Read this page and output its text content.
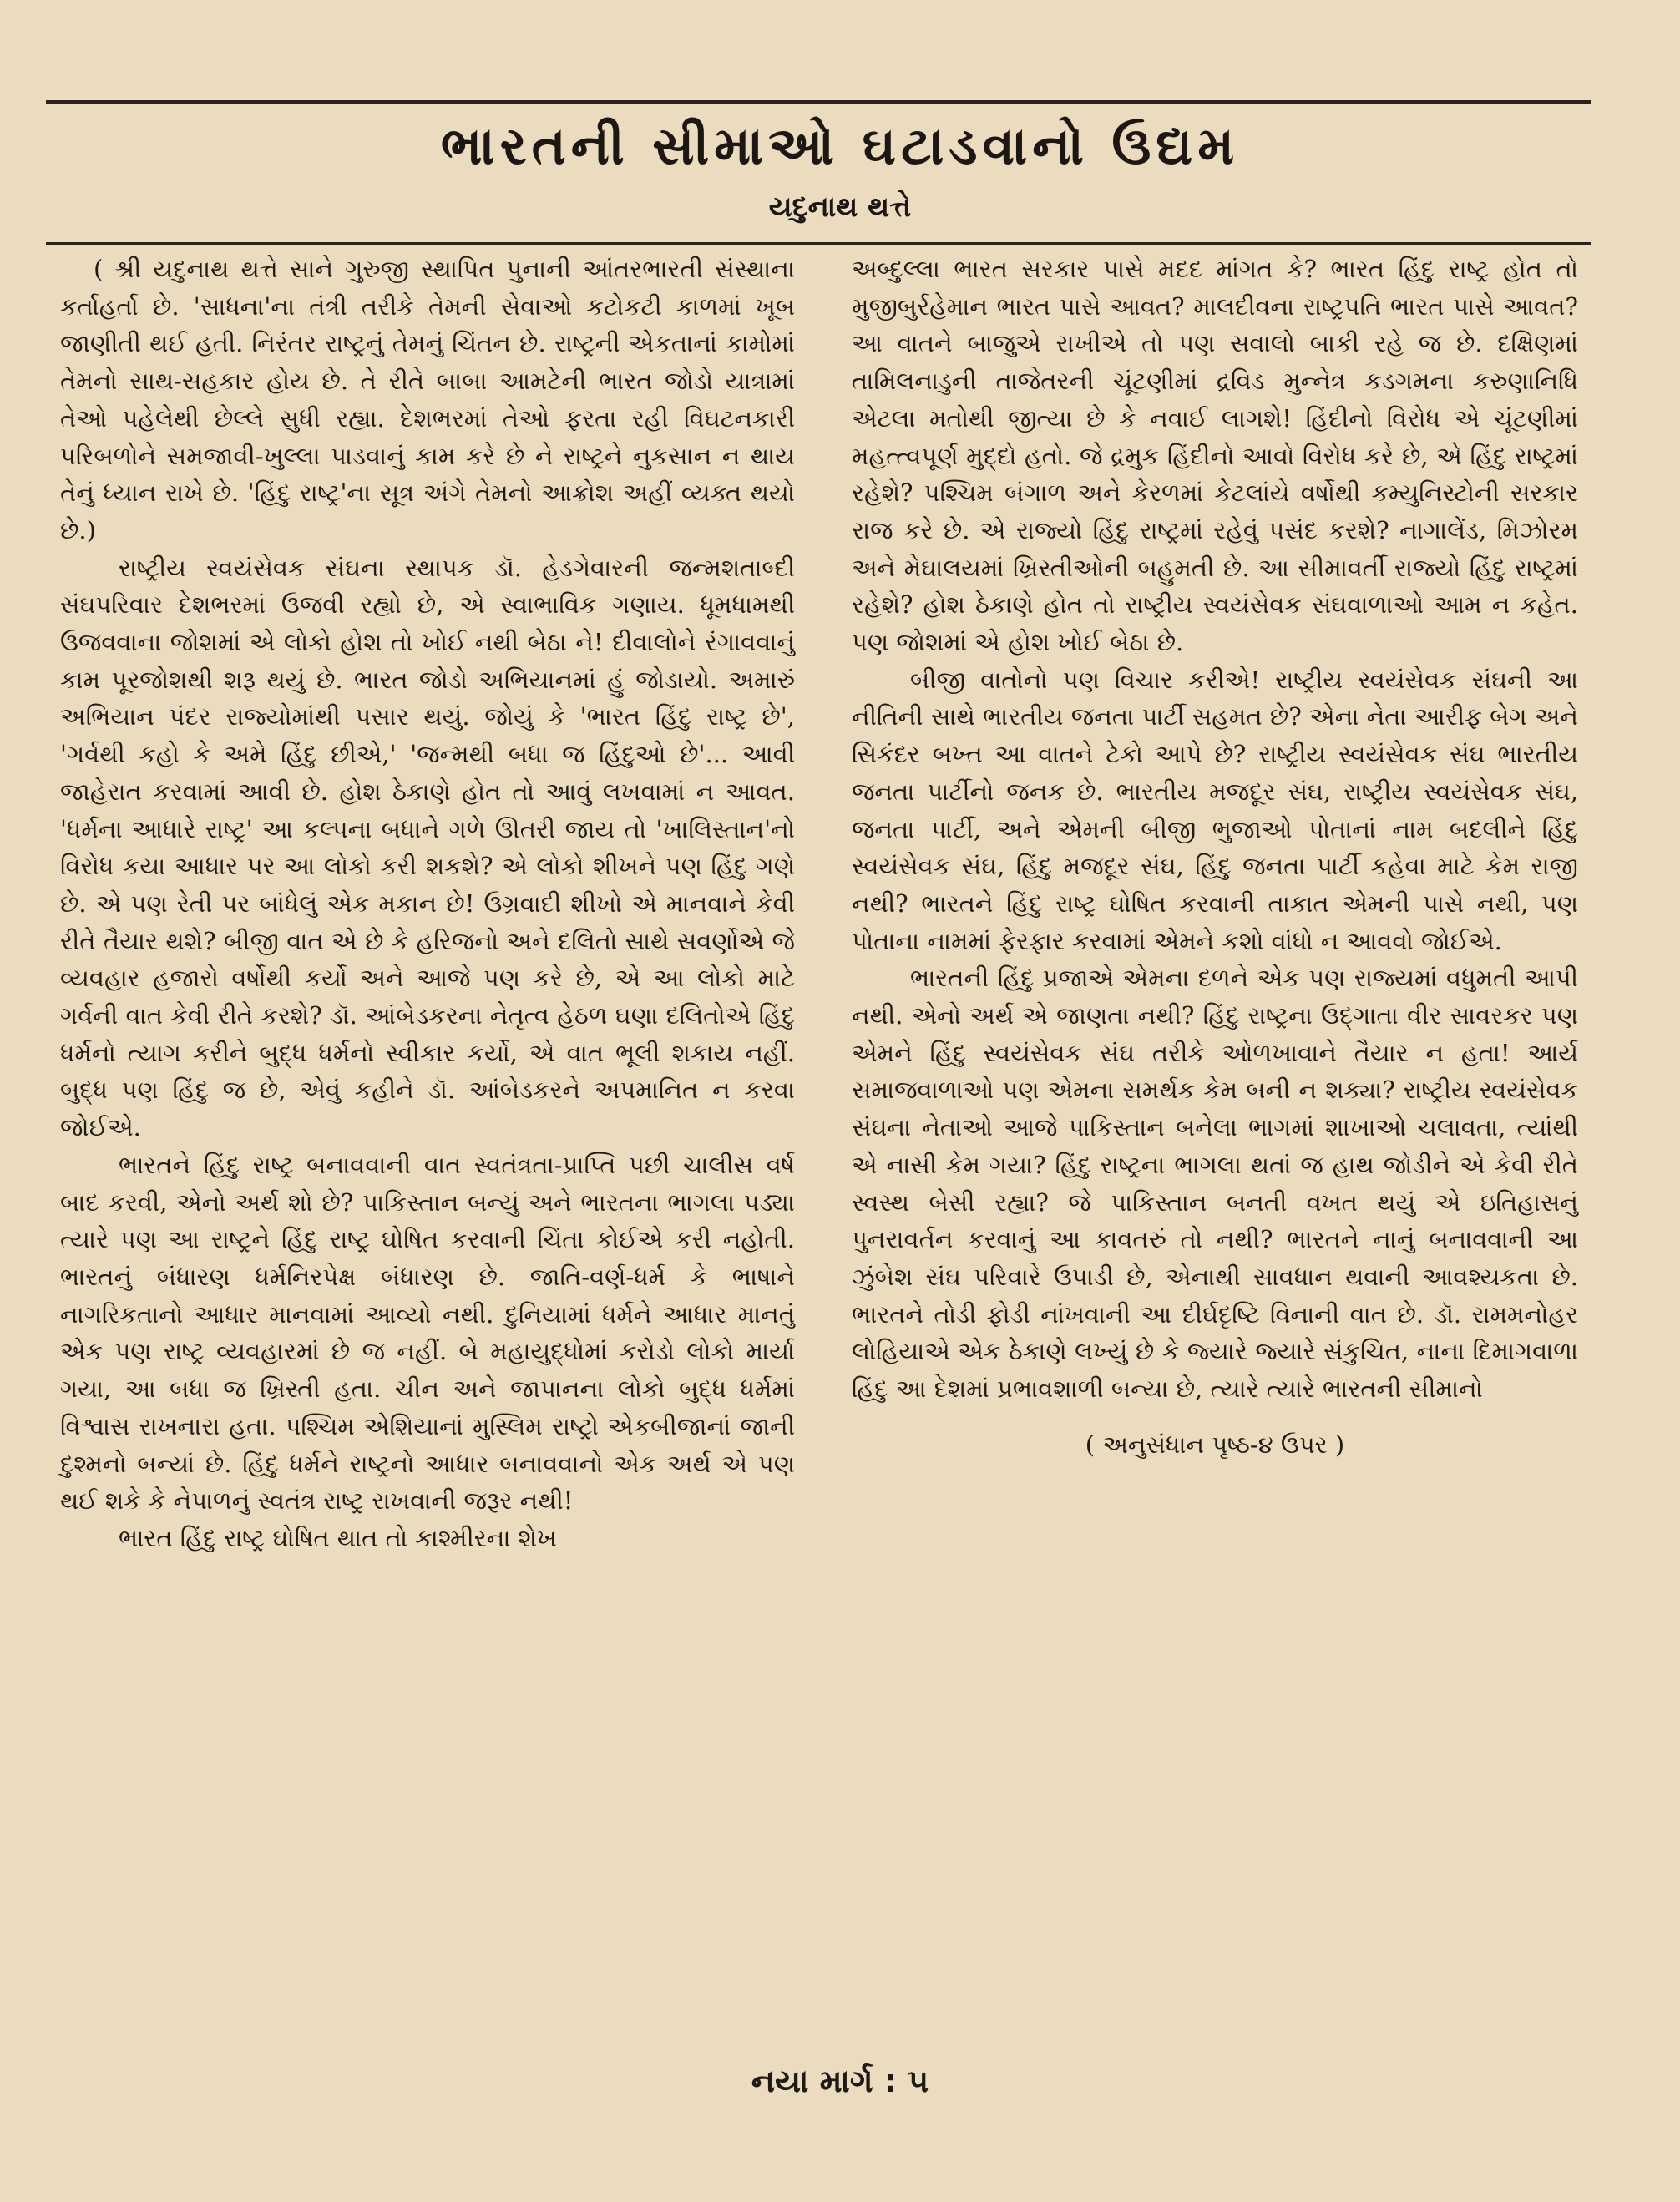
ભારતની સીમાઓ ઘટાડવાનો ઉદ્યમ
યદુનાથ થત્તે

( શ્રી યદુનાથ થત્તે સાને ગુરુજી સ્થાપિત પુનાની આંતરભારતી સંસ્થાના કર્તાહર્તા છે. 'સાધના'ના તંત્રી તરીકે તેમની સેવાઓ કટોકટી કાળમાં ખૂબ જાણીતી થઈ હતી. નિરંતર રાષ્ટ્રનું તેમનું ચિંતન છે. રાષ્ટ્રની એકતાનાં કામોમાં તેમનો સાથ-સહકાર હોય છે. તે રીતે બાબા આમટેની ભારત જોડો યાત્રામાં તેઓ પહેલેથી છેલ્લે સુધી રહ્યા. દેશભરમાં તેઓ ફરતા રહી વિઘટનકારી પરિબળોને સમજાવી-ખુલ્લા પાડવાનું કામ કરે છે ને રાષ્ટ્રને નુકસાન ન થાય તેનું ધ્યાન રાખે છે. 'હિંદુ રાષ્ટ્ર'ના સૂત્ર અંગે તેમનો આક્રોશ અહીં વ્યક્ત થયો છે.)

રાષ્ટ્રીય સ્વયંસેવક સંઘના સ્થાપક ડૉ. હેડગેવારની જન્મશતાબ્દી સંઘપરિવાર દેશભરમાં ઉજવી રહ્યો છે, એ સ્વાભાવિક ગણાય. ધૂમધામથી ઉજવવાના જોશમાં એ લોકો હોશ તો ખોઈ નથી બેઠા ને! દીવાલોને રંગાવવાનું કામ પૂરજોશથી શરૂ થયું છે. ભારત જોડો અભિયાનમાં હું જોડાયો. અમારું અભિયાન પંદર રાજ્યોમાંથી પસાર થયું. જોયું કે 'ભારત હિંદુ રાષ્ટ્ર છે', 'ગર્વથી કહો કે અમે હિંદુ છીએ,' 'જન્મથી બધા જ હિંદુઓ છે'... આવી જાહેરાત કરવામાં આવી છે. હોશ ઠેકાણે હોત તો આવું લખવામાં ન આવત. 'ધર્મના આધારે રાષ્ટ્ર' આ કલ્પના બધાને ગળે ઊતરી જાય તો 'ખાલિસ્તાન'નો વિરોધ કયા આધાર પર આ લોકો કરી શકશે? એ લોકો શીખને પણ હિંદુ ગણે છે. એ પણ રેતી પર બાંધેલું એક મકાન છે! ઉગ્રવાદી શીખો એ માનવાને કેવી રીતે તૈયાર થશે? બીજી વાત એ છે કે હરિજનો અને દલિતો સાથે સવર્ણોએ જે વ્યવહાર હજારો વર્ષોથી કર્યો અને આજે પણ કરે છે, એ આ લોકો માટે ગર્વની વાત કેવી રીતે કરશે? ડૉ. આંબેડકરના નેતૃત્વ હેઠળ ઘણા દલિતોએ હિંદુ ધર્મનો ત્યાગ કરીને બુદ્ધ ધર્મનો સ્વીકાર કર્યો, એ વાત ભૂલી શકાય નહીં. બુદ્ધ પણ હિંદુ જ છે, એવું કહીને ડૉ. આંબેડકરને અપમાનિત ન કરવા જોઈએ.

ભારતને હિંદુ રાષ્ટ્ર બનાવવાની વાત સ્વતંત્રતા-પ્રાપ્તિ પછી ચાલીસ વર્ષ બાદ કરવી, એનો અર્થ શો છે? પાકિસ્તાન બન્યું અને ભારતના ભાગલા પડ્યા ત્યારે પણ આ રાષ્ટ્રને હિંદુ રાષ્ટ્ર ઘોષિત કરવાની ચિંતા કોઈએ કરી નહોતી. ભારતનું બંધારણ ધર્મનિરપેક્ષ બંધારણ છે. જાતિ-વર્ણ-ધર્મ કે ભાષાને નાગરિકતાનો આધાર માનવામાં આવ્યો નથી. દુનિયામાં ધર્મને આધાર માનતું એક પણ રાષ્ટ્ર વ્યવહારમાં છે જ નહીં. બે મહાયુદ્ધોમાં કરોડો લોકો માર્યા ગયા, આ બધા જ ખ્રિસ્તી હતા. ચીન અને જાપાનના લોકો બુદ્ધ ધર્મમાં વિશ્વાસ રાખનારા હતા. પશ્ચિમ એશિયાનાં મુસ્લિમ રાષ્ટ્રો એકબીજાનાં જાની દુશ્મનો બન્યાં છે. હિંદુ ધર્મને રાષ્ટ્રનો આધાર બનાવવાનો એક અર્થ એ પણ થઈ શકે કે નેપાળનું સ્વતંત્ર રાષ્ટ્ર રાખવાની જરૂર નથી!

ભારત હિંદુ રાષ્ટ્ર ઘોષિત થાત તો કાશ્મીરના શેખ

અબ્દુલ્લા ભારત સરકાર પાસે મદદ માંગત કે? ભારત હિંદુ રાષ્ટ્ર હોત તો મુજીબુર્રહેમાન ભારત પાસે આવત? માલદીવના રાષ્ટ્રપતિ ભારત પાસે આવત? આ વાતને બાજુએ રાખીએ તો પણ સવાલો બાકી રહે જ છે. દક્ષિણમાં તામિલનાડુની તાજેતરની ચૂંટણીમાં દ્રવિડ મુન્નેત્ર કડગમના કરુણાનિધિ એટલા મતોથી જીત્યા છે કે નવાઈ લાગશે! હિંદીનો વિરોધ એ ચૂંટણીમાં મહત્ત્વપૂર્ણ મુદ્દો હતો. જે દ્રમુક હિંદીનો આવો વિરોધ કરે છે, એ હિંદુ રાષ્ટ્રમાં રહેશે? પશ્ચિમ બંગાળ અને કેરળમાં કેટલાંયે વર્ષોથી કમ્યુનિસ્ટોની સરકાર રાજ કરે છે. એ રાજ્યો હિંદુ રાષ્ટ્રમાં રહેવું પસંદ કરશે? નાગાલેંડ, મિઝોરમ અને મેઘાલયમાં ખ્રિસ્તીઓની બહુમતી છે. આ સીમાવર્તી રાજ્યો હિંદુ રાષ્ટ્રમાં રહેશે? હોશ ઠેકાણે હોત તો રાષ્ટ્રીય સ્વયંસેવક સંઘવાળાઓ આમ ન કહેત. પણ જોશમાં એ હોશ ખોઈ બેઠા છે.

બીજી વાતોનો પણ વિચાર કરીએ! રાષ્ટ્રીય સ્વયંસેવક સંઘની આ નીતિની સાથે ભારતીય જનતા પાર્ટી સહમત છે? એના નેતા આરીફ બેગ અને સિકંદર બખ્ત આ વાતને ટેકો આપે છે? રાષ્ટ્રીય સ્વયંસેવક સંઘ ભારતીય જનતા પાર્ટીનો જનક છે. ભારતીય મજદૂર સંઘ, રાષ્ટ્રીય સ્વયંસેવક સંઘ, જનતા પાર્ટી, અને એમની બીજી ભુજાઓ પોતાનાં નામ બદલીને હિંદુ સ્વયંસેવક સંઘ, હિંદુ મજદૂર સંઘ, હિંદુ જનતા પાર્ટી કહેવા માટે કેમ રાજી નથી? ભારતને હિંદુ રાષ્ટ્ર ઘોષિત કરવાની તાકાત એમની પાસે નથી, પણ પોતાના નામમાં ફેરફાર કરવામાં એમને કશો વાંધો ન આવવો જોઈએ.

ભારતની હિંદુ પ્રજાએ એમના દળને એક પણ રાજ્યમાં વધુમતી આપી નથી. એનો અર્થ એ જાણતા નથી? હિંદુ રાષ્ટ્રના ઉદ્ગાતા વીર સાવરકર પણ એમને હિંદુ સ્વયંસેવક સંઘ તરીકે ઓળખાવાને તૈયાર ન હતા! આર્ય સમાજવાળાઓ પણ એમના સમર્થક કેમ બની ન શક્યા? રાષ્ટ્રીય સ્વયંસેવક સંઘના નેતાઓ આજે પાકિસ્તાન બનેલા ભાગમાં શાખાઓ ચલાવતા, ત્યાંથી એ નાસી કેમ ગયા? હિંદુ રાષ્ટ્રના ભાગલા થતાં જ હાથ જોડીને એ કેવી રીતે સ્વસ્થ બેસી રહ્યા? જે પાકિસ્તાન બનતી વખત થયું એ ઇતિહાસનું પુનરાવર્તન કરવાનું આ કાવતરું તો નથી? ભારતને નાનું બનાવવાની આ ઝુંબેશ સંઘ પરિવારે ઉપાડી છે, એનાથી સાવધાન થવાની આવશ્યકતા છે. ભારતને તોડી ફોડી નાંખવાની આ દીર્ઘદૃષ્ટિ વિનાની વાત છે. ડૉ. રામમનોહર લોહિયાએ એક ઠેકાણે લખ્યું છે કે જ્યારે જ્યારે સંકુચિત, નાના દિમાગવાળા હિંદુ આ દેશમાં પ્રભાવશાળી બન્યા છે, ત્યારે ત્યારે ભારતની સીમાનો

( અનુસંધાન પૃષ્ઠ-૪ ઉપર )

નયા માર્ગ : ૫
